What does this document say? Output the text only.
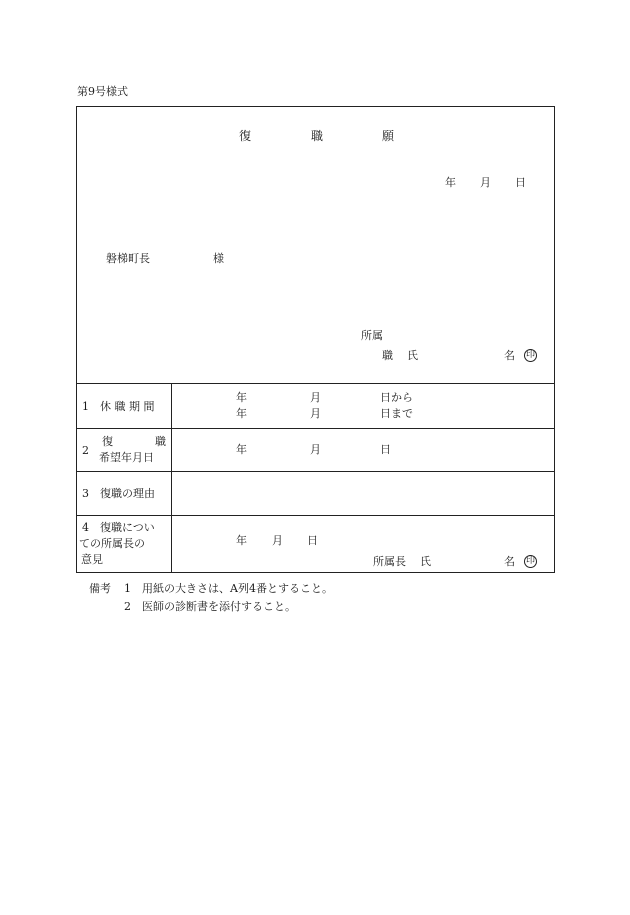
第9号様式
復	職	願
年 月 日
磐梯町長	様
所属
職 氏	名 印
1　休 職 期 間
年	月	日から
年	月	日まで
2
復	職
希望年月日
年	月	日
3　復職の理由
4　復職につい
ての所属長の
意見
年 月 日
所属長 氏	名 印
備考 1 用紙の大きさは、A列4番とすること。
2 医師の診断書を添付すること。
